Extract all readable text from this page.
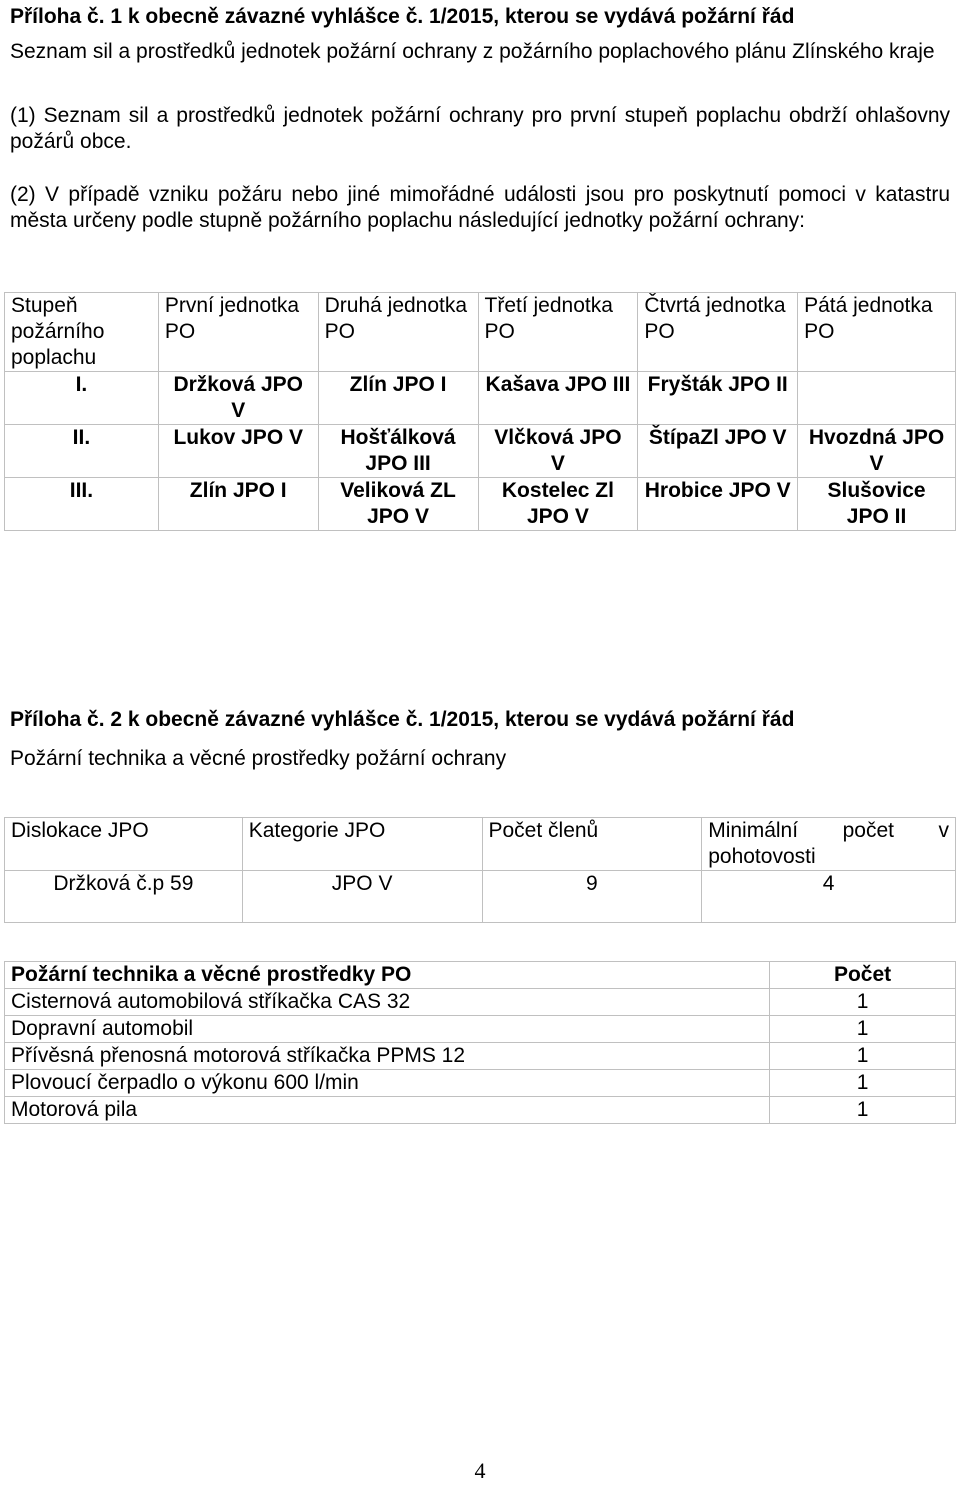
Příloha č. 1 k obecně závazné vyhlášce č. 1/2015, kterou se vydává požární řád
Seznam sil a prostředků jednotek požární ochrany z požárního poplachového plánu Zlínského kraje
(1) Seznam sil a prostředků jednotek požární ochrany pro první stupeň poplachu obdrží ohlašovny požárů obce.
(2) V případě vzniku požáru nebo jiné mimořádné události jsou pro poskytnutí pomoci v katastru města určeny podle stupně požárního poplachu následující jednotky požární ochrany:
Stupeň požárního poplachu	První jednotka PO	Druhá jednotka PO	Třetí jednotka PO	Čtvrtá jednotka PO	Pátá jednotka PO
I.	Držková JPO V	Zlín JPO I	Kašava JPO III	Fryšták JPO II	
II.	Lukov JPO V	Hošťálková JPO III	Vlčková JPO V	ŠtípaZl JPO V	Hvozdná JPO V
III.	Zlín JPO I	Veliková ZL JPO V	Kostelec Zl JPO V	Hrobice JPO V	Slušovice JPO II
Příloha č. 2 k obecně závazné vyhlášce č. 1/2015, kterou se vydává požární řád
Požární technika a věcné prostředky požární ochrany
Dislokace JPO	Kategorie JPO	Počet členů	Minimální počet v pohotovosti
Držková č.p 59	JPO V	9	4
Požární technika a věcné prostředky PO	Počet
Cisternová automobilová stříkačka CAS 32	1
Dopravní automobil	1
Přívěsná přenosná motorová stříkačka PPMS 12	1
Plovoucí čerpadlo o výkonu 600 l/min	1
Motorová pila	1
4
